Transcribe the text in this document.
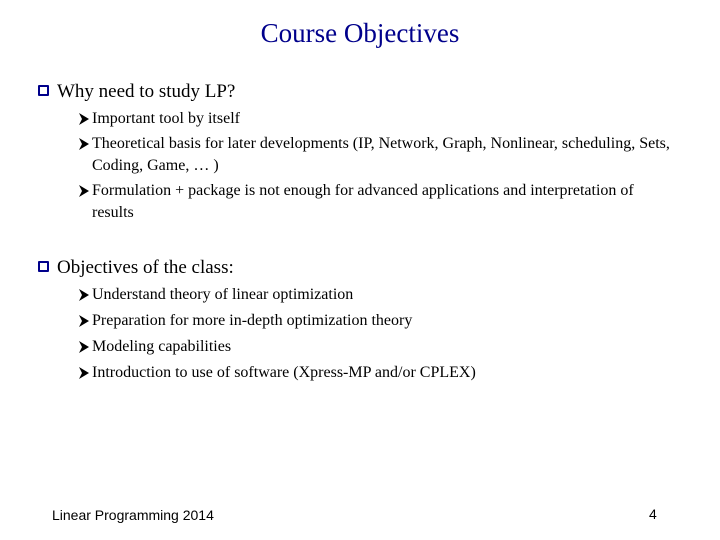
Course Objectives
Why need to study LP?
Important tool by itself
Theoretical basis for later developments (IP, Network, Graph, Nonlinear, scheduling, Sets, Coding, Game, … )
Formulation + package is not enough for advanced applications and interpretation of results
Objectives of the class:
Understand theory of linear optimization
Preparation for more in-depth optimization theory
Modeling capabilities
Introduction to use of software (Xpress-MP and/or CPLEX)
Linear Programming 2014	4
